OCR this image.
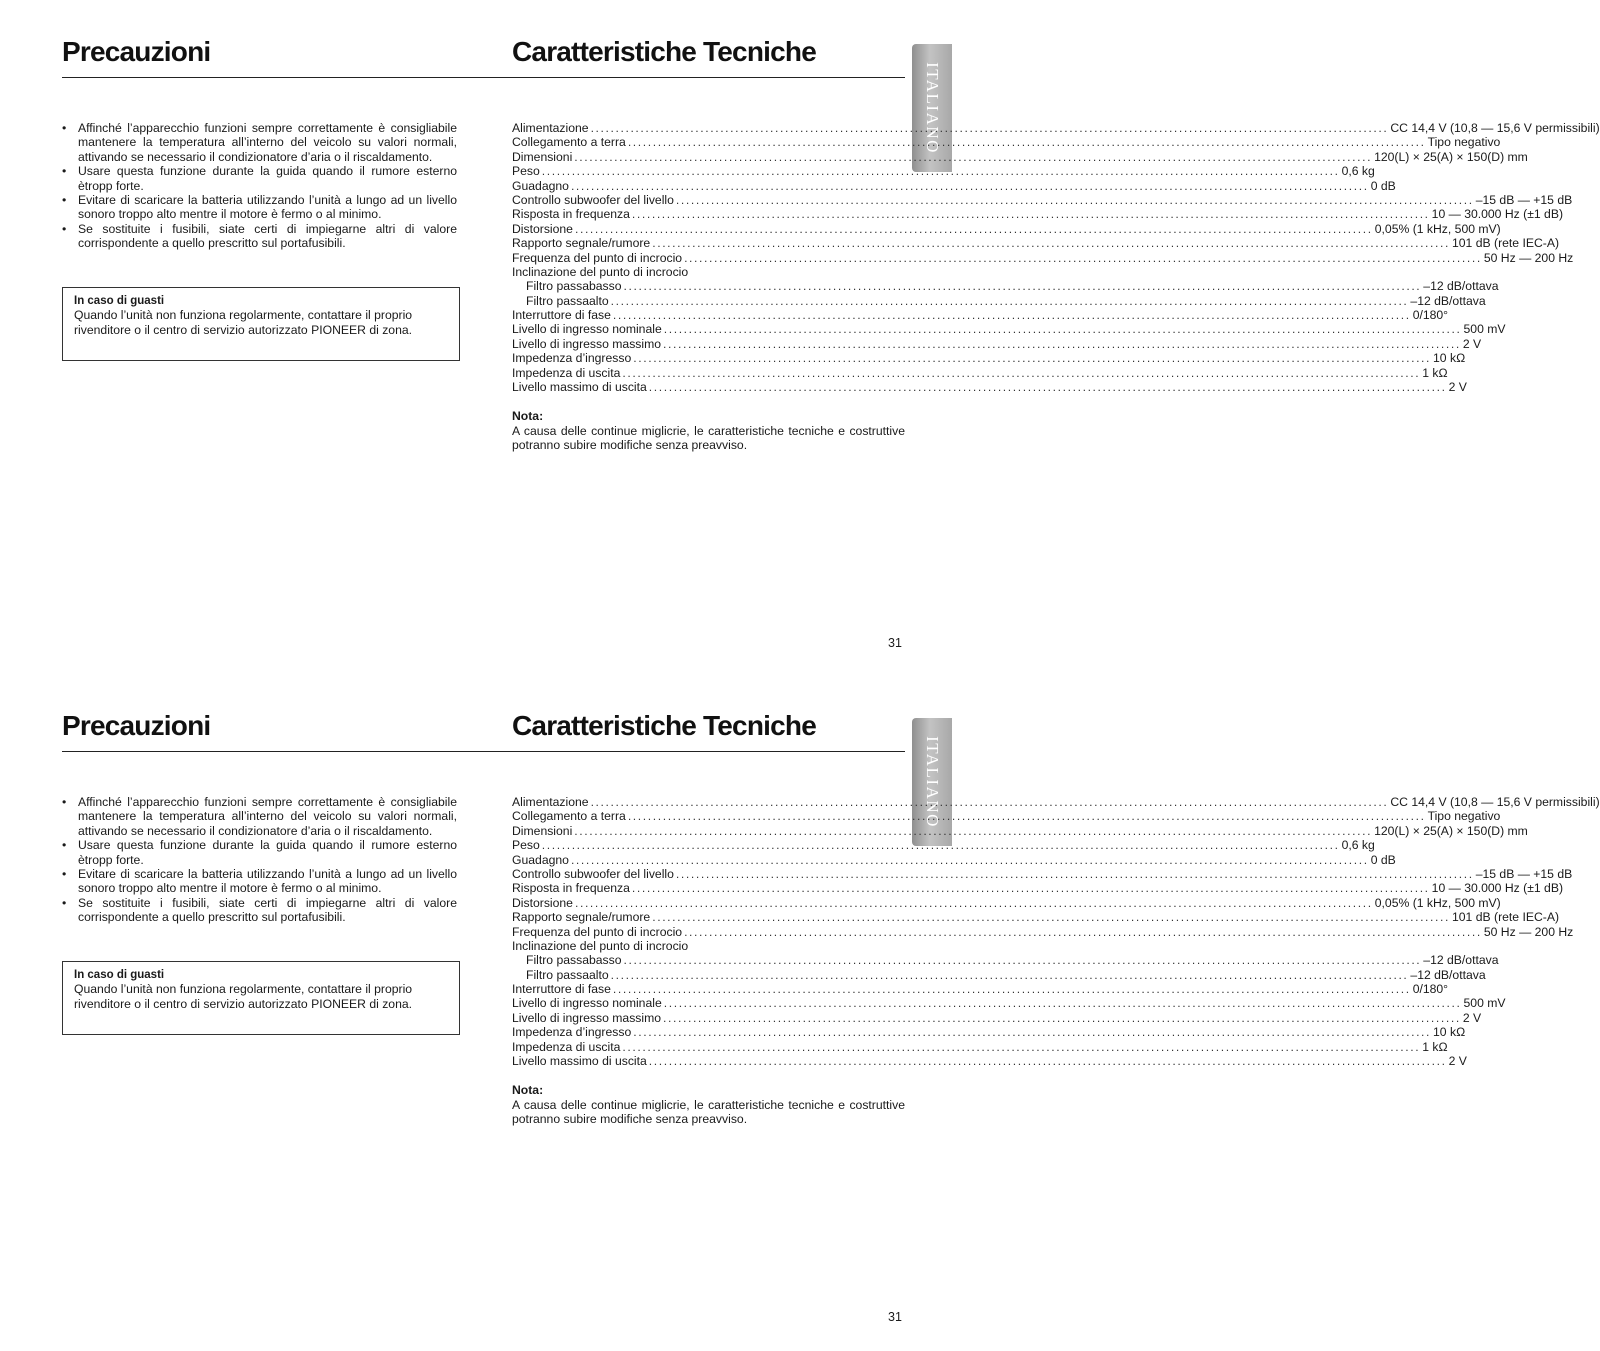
Precauzioni	Caratteristiche Tecniche
ITALIANO
• Affinché l’apparecchio funzioni sempre correttamente è consigliabile mantenere la temperatura all’interno del veicolo su valori normali, attivando se necessario il condizionatore d’aria o il riscaldamento.
• Usare questa funzione durante la guida quando il rumore esterno ètropp forte.
• Evitare di scaricare la batteria utilizzando l’unità a lungo ad un livello sonoro troppo alto mentre il motore è fermo o al minimo.
• Se sostituite i fusibili, siate certi di impiegarne altri di valore corrispondente a quello prescritto sul portafusibili.
In caso di guasti
Quando l’unità non funziona regolarmente, contattare il proprio rivenditore o il centro di servizio autorizzato PIONEER di zona.
Alimentazione ................................................................................................................................................................ CC 14,4 V (10,8 — 15,6 V permissibili)
Collegamento a terra ................................................................................................................................................................ Tipo negativo
Dimensioni ................................................................................................................................................................ 120(L) × 25(A) × 150(D) mm
Peso ................................................................................................................................................................ 0,6 kg
Guadagno ................................................................................................................................................................ 0 dB
Controllo subwoofer del livello ................................................................................................................................................................ –15 dB — +15 dB
Risposta in frequenza ................................................................................................................................................................ 10 — 30.000 Hz (±1 dB)
Distorsione ................................................................................................................................................................ 0,05% (1 kHz, 500 mV)
Rapporto segnale/rumore ................................................................................................................................................................ 101 dB (rete IEC-A)
Frequenza del punto di incrocio ................................................................................................................................................................ 50 Hz — 200 Hz
Inclinazione del punto di incrocio
Filtro passabasso ................................................................................................................................................................ –12 dB/ottava
Filtro passaalto ................................................................................................................................................................ –12 dB/ottava
Interruttore di fase ................................................................................................................................................................ 0/180°
Livello di ingresso nominale ................................................................................................................................................................ 500 mV
Livello di ingresso massimo ................................................................................................................................................................ 2 V
Impedenza d’ingresso ................................................................................................................................................................ 10 kΩ
Impedenza di uscita ................................................................................................................................................................ 1 kΩ
Livello massimo di uscita ................................................................................................................................................................ 2 V
Nota:
A causa delle continue miglicrie, le caratteristiche tecniche e costruttive potranno subire modifiche senza preavviso.
31
Precauzioni	Caratteristiche Tecniche
ITALIANO
• Affinché l’apparecchio funzioni sempre correttamente è consigliabile mantenere la temperatura all’interno del veicolo su valori normali, attivando se necessario il condizionatore d’aria o il riscaldamento.
• Usare questa funzione durante la guida quando il rumore esterno ètropp forte.
• Evitare di scaricare la batteria utilizzando l’unità a lungo ad un livello sonoro troppo alto mentre il motore è fermo o al minimo.
• Se sostituite i fusibili, siate certi di impiegarne altri di valore corrispondente a quello prescritto sul portafusibili.
In caso di guasti
Quando l’unità non funziona regolarmente, contattare il proprio rivenditore o il centro di servizio autorizzato PIONEER di zona.
Alimentazione ................................................................................................................................................................ CC 14,4 V (10,8 — 15,6 V permissibili)
Collegamento a terra ................................................................................................................................................................ Tipo negativo
Dimensioni ................................................................................................................................................................ 120(L) × 25(A) × 150(D) mm
Peso ................................................................................................................................................................ 0,6 kg
Guadagno ................................................................................................................................................................ 0 dB
Controllo subwoofer del livello ................................................................................................................................................................ –15 dB — +15 dB
Risposta in frequenza ................................................................................................................................................................ 10 — 30.000 Hz (±1 dB)
Distorsione ................................................................................................................................................................ 0,05% (1 kHz, 500 mV)
Rapporto segnale/rumore ................................................................................................................................................................ 101 dB (rete IEC-A)
Frequenza del punto di incrocio ................................................................................................................................................................ 50 Hz — 200 Hz
Inclinazione del punto di incrocio
Filtro passabasso ................................................................................................................................................................ –12 dB/ottava
Filtro passaalto ................................................................................................................................................................ –12 dB/ottava
Interruttore di fase ................................................................................................................................................................ 0/180°
Livello di ingresso nominale ................................................................................................................................................................ 500 mV
Livello di ingresso massimo ................................................................................................................................................................ 2 V
Impedenza d’ingresso ................................................................................................................................................................ 10 kΩ
Impedenza di uscita ................................................................................................................................................................ 1 kΩ
Livello massimo di uscita ................................................................................................................................................................ 2 V
Nota:
A causa delle continue miglicrie, le caratteristiche tecniche e costruttive potranno subire modifiche senza preavviso.
31
